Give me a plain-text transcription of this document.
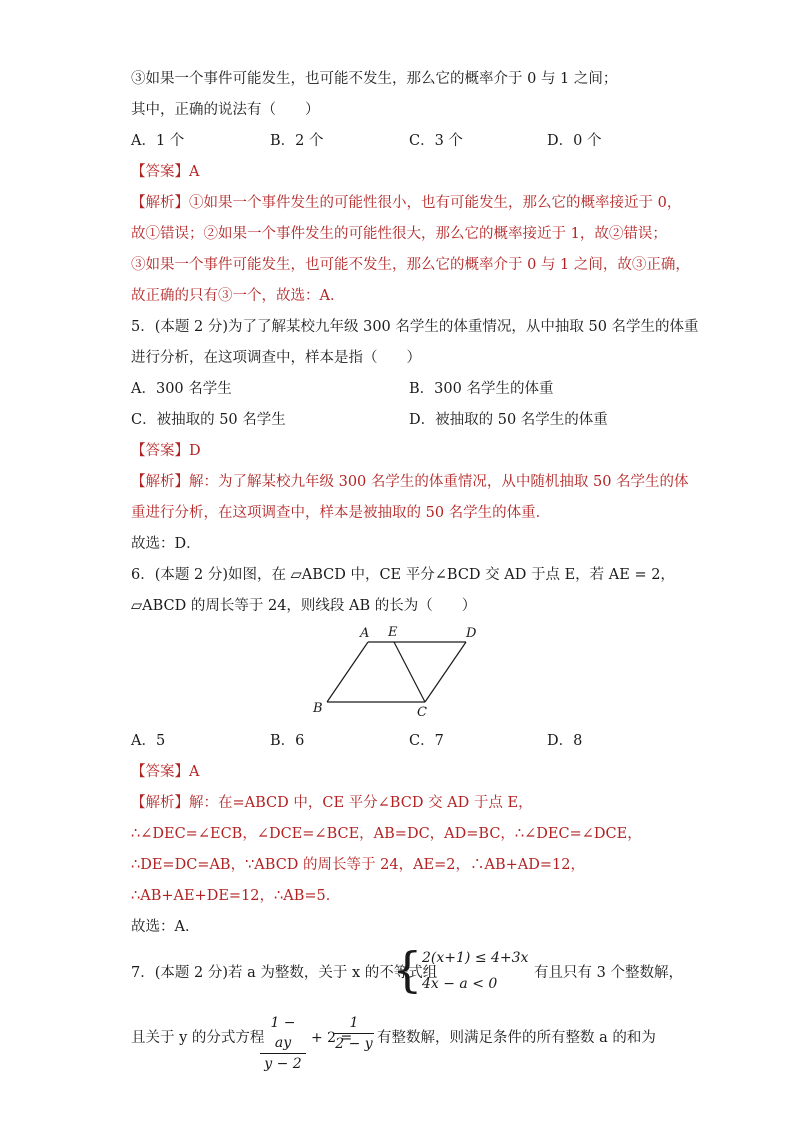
③如果一个事件可能发生，也可能不发生，那么它的概率介于 0 与 1 之间；
其中，正确的说法有（　　）
A．1 个	B．2 个	C．3 个	D．0 个
【答案】A
【解析】①如果一个事件发生的可能性很小，也有可能发生，那么它的概率接近于 0，
故①错误；②如果一个事件发生的可能性很大，那么它的概率接近于 1，故②错误；
③如果一个事件可能发生，也可能不发生，那么它的概率介于 0 与 1 之间，故③正确，
故正确的只有③一个，故选：A．
5．(本题 2 分)为了了解某校九年级 300 名学生的体重情况，从中抽取 50 名学生的体重
进行分析，在这项调查中，样本是指（　　）
A．300 名学生	B．300 名学生的体重
C．被抽取的 50 名学生	D．被抽取的 50 名学生的体重
【答案】D
【解析】解：为了解某校九年级 300 名学生的体重情况，从中随机抽取 50 名学生的体
重进行分析，在这项调查中，样本是被抽取的 50 名学生的体重．
故选：D．
6．(本题 2 分)如图，在 ▱ABCD 中，CE 平分∠BCD 交 AD 于点 E，若 AE = 2，
▱ABCD 的周长等于 24，则线段 AB 的长为（　　）
A E	D
B	C
A．5	B．6	C．7	D．8
【答案】A
【解析】解：在=ABCD 中，CE 平分∠BCD 交 AD 于点 E，
∴∠DEC=∠ECB，∠DCE=∠BCE，AB=DC，AD=BC，∴∠DEC=∠DCE，
∴DE=DC=AB，∵ABCD 的周长等于 24，AE=2，∴AB+AD=12，
∴AB+AE+DE=12，∴AB=5．
故选：A．
7．(本题 2 分)若 a 为整数，关于 x 的不等式组
{ 2(x+1) ≤ 4+3x
4x − a < 0
有且只有 3 个整数解，
且关于 y 的分式方程
$\frac{1 - ay}{y - 2} + 2$ =
$\frac{1}{2 - y}$ 有整数解，则满足条件的所有整数 a 的和为
